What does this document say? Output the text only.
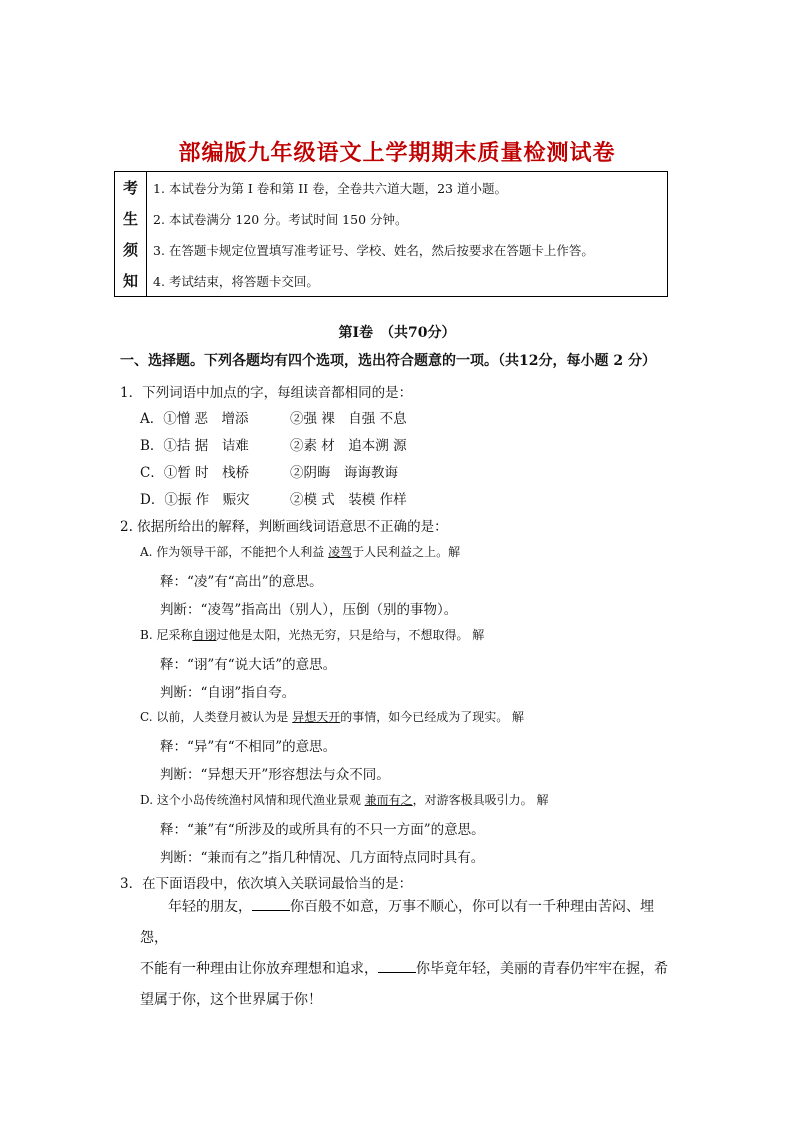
部编版九年级语文上学期期末质量检测试卷
考
生
须
知
1. 本试卷分为第 I 卷和第 II 卷，全卷共六道大题，23 道小题。
2. 本试卷满分 120 分。考试时间 150 分钟。
3. 在答题卡规定位置填写准考证号、学校、姓名，然后按要求在答题卡上作答。
4. 考试结束，将答题卡交回。
第Ⅰ卷　（共70分）
一、选择题。下列各题均有四个选项，选出符合题意的一项。（共12分，每小题 2 分）
1．下列词语中加点的字，每组读音都相同的是：
A．①憎 恶　增添	②强 裸　自强 不息
B．①拮 据　诘难	②素 材　追本溯 源
C．①暂 时　栈桥	②阴晦　诲诲教诲
D．①振 作　赈灾	②模 式　装模 作样
2. 依据所给出的解释，判断画线词语意思不正确的是：
A. 作为领导干部，不能把个人利益 凌驾于人民利益之上。解
释：“凌”有“高出”的意思。
判断：“凌驾”指高出（别人），压倒（别的事物）。
B. 尼采称自诩过他是太阳，光热无穷，只是给与，不想取得。 解
释：“诩”有“说大话”的意思。
判断：“自诩”指自夸。
C. 以前，人类登月被认为是 异想天开的事情，如今已经成为了现实。 解
释：“异”有“不相同”的意思。
判断：“异想天开”形容想法与众不同。
D. 这个小岛传统渔村风情和现代渔业景观 兼而有之，对游客极具吸引力。 解
释：“兼”有“所涉及的或所具有的不只一方面”的意思。
判断：“兼而有之”指几种情况、几方面特点同时具有。
3．在下面语段中，依次填入关联词最恰当的是：
年轻的朋友，	你百般不如意，万事不顺心，你可以有一千种理由苦闷、埋怨，
不能有一种理由让你放弃理想和追求，	你毕竟年轻，美丽的青春仍牢牢在握，希
望属于你，这个世界属于你！
